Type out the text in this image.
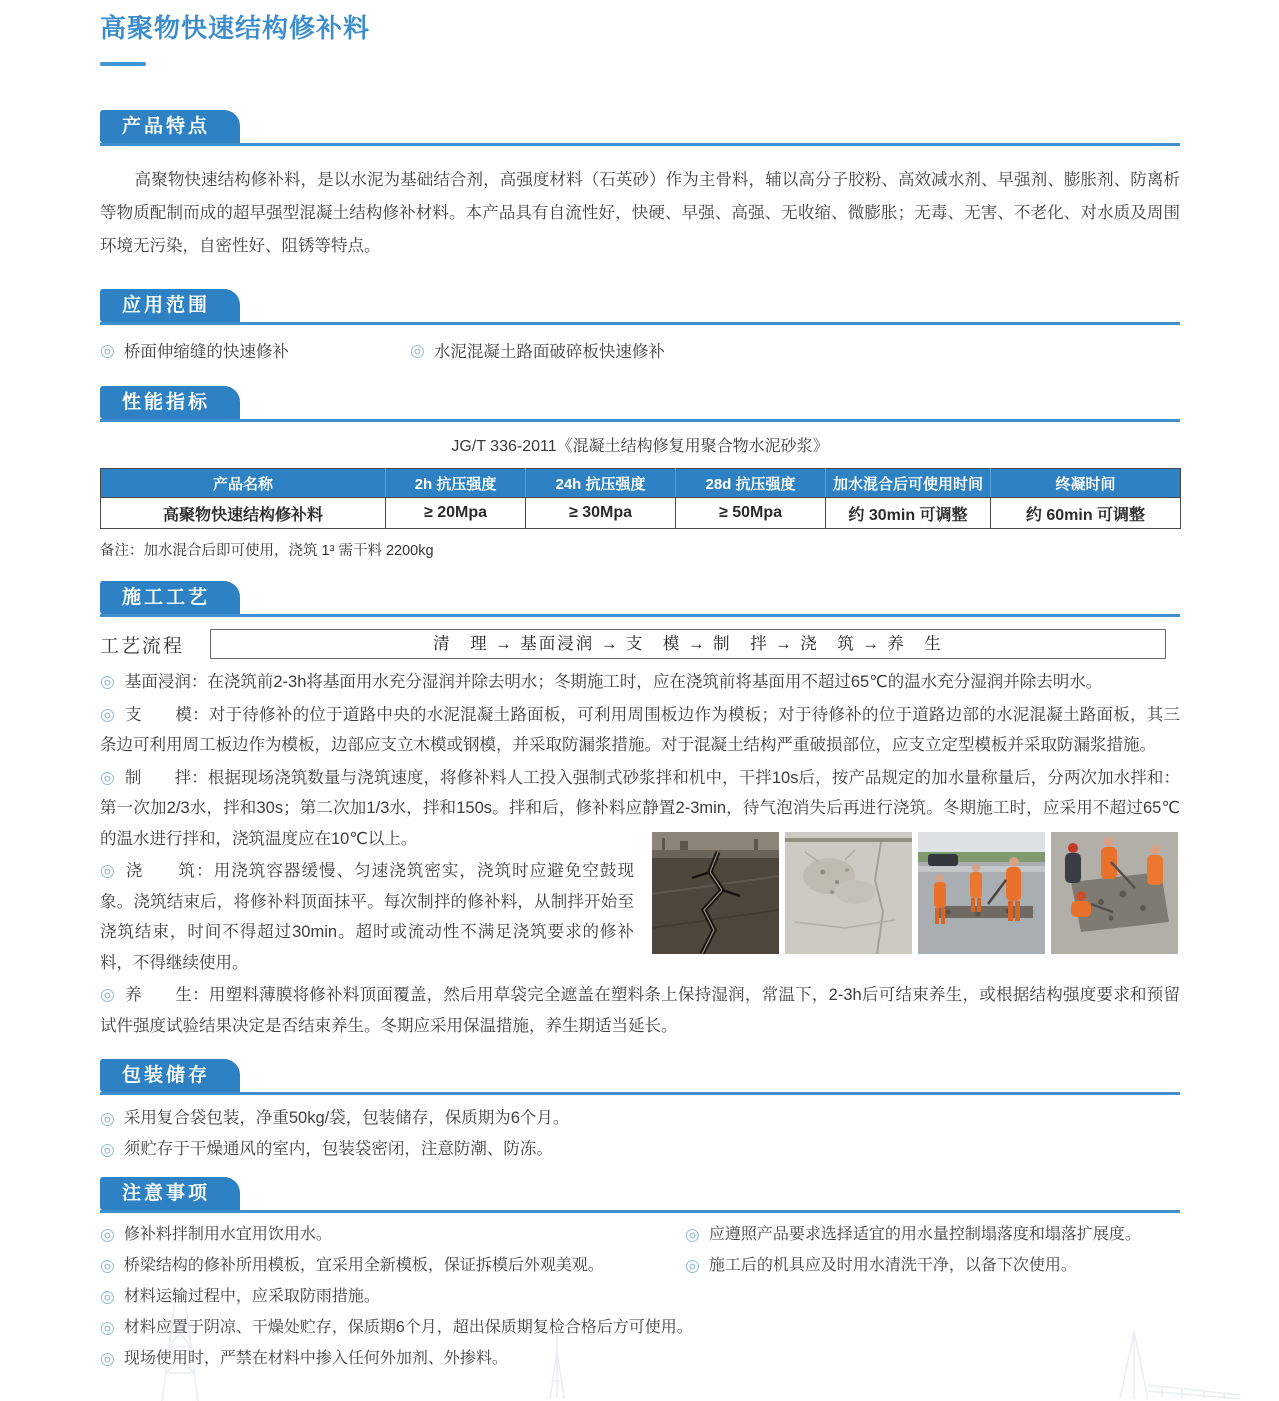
高聚物快速结构修补料
产品特点

高聚物快速结构修补料，是以水泥为基础结合剂，高强度材料（石英砂）作为主骨料，辅以高分子胶粉、高效减水剂、早强剂、膨胀剂、防离析等物质配制而成的超早强型混凝土结构修补材料。本产品具有自流性好，快硬、早强、高强、无收缩、微膨胀；无毒、无害、不老化、对水质及周围环境无污染，自密性好、阻锈等特点。

应用范围
◎ 桥面伸缩缝的快速修补	◎ 水泥混凝土路面破碎板快速修补
性能指标

JG/T 336-2011《混凝土结构修复用聚合物水泥砂浆》

产品名称	2h 抗压强度	24h 抗压强度	28d 抗压强度	加水混合后可使用时间	终凝时间
高聚物快速结构修补料	≥ 20Mpa	≥ 30Mpa	≥ 50Mpa	约 30min 可调整	约 60min 可调整

备注：加水混合后即可使用，浇筑 1³ 需干料 2200kg

施工工艺
工艺流程	清　理 → 基面浸润 → 支　模 → 制　拌 → 浇　筑 → 养　生

◎ 基面浸润：在浇筑前2-3h将基面用水充分湿润并除去明水；冬期施工时，应在浇筑前将基面用不超过65℃的温水充分湿润并除去明水。

◎ 支　　模：对于待修补的位于道路中央的水泥混凝土路面板，可利用周围板边作为模板；对于待修补的位于道路边部的水泥混凝土路面板，其三条边可利用周工板边作为模板，边部应支立木模或钢模，并采取防漏浆措施。对于混凝土结构严重破损部位，应支立定型模板并采取防漏浆措施。

◎ 制　　拌：根据现场浇筑数量与浇筑速度，将修补料人工投入强制式砂浆拌和机中，干拌10s后，按产品规定的加水量称量后，分两次加水拌和：第一次加2/3水，拌和30s；第二次加1/3水，拌和150s。拌和后，修补料应静置2-3min，待气泡消失后再进行浇筑。冬期施工时，应采用不超过65℃的温水进行拌和，浇筑温度应在10℃以上。

◎ 浇　　筑：用浇筑容器缓慢、匀速浇筑密实，浇筑时应避免空鼓现象。浇筑结束后，将修补料顶面抹平。每次制拌的修补料，从制拌开始至浇筑结束，时间不得超过30min。超时或流动性不满足浇筑要求的修补料，不得继续使用。

◎ 养　　生：用塑料薄膜将修补料顶面覆盖，然后用草袋完全遮盖在塑料条上保持湿润，常温下，2-3h后可结束养生，或根据结构强度要求和预留试件强度试验结果决定是否结束养生。冬期应采用保温措施，养生期适当延长。

包装储存
◎ 采用复合袋包装，净重50kg/袋，包装储存，保质期为6个月。
◎ 须贮存于干燥通风的室内，包装袋密闭，注意防潮、防冻。
注意事项
◎ 修补料拌制用水宜用饮用水。	◎ 应遵照产品要求选择适宜的用水量控制塌落度和塌落扩展度。
◎ 桥梁结构的修补所用模板，宜采用全新模板，保证拆模后外观美观。	◎ 施工后的机具应及时用水清洗干净，以备下次使用。
◎ 材料运输过程中，应采取防雨措施。
◎ 材料应置于阴凉、干燥处贮存，保质期6个月，超出保质期复检合格后方可使用。
◎ 现场使用时，严禁在材料中掺入任何外加剂、外掺料。
